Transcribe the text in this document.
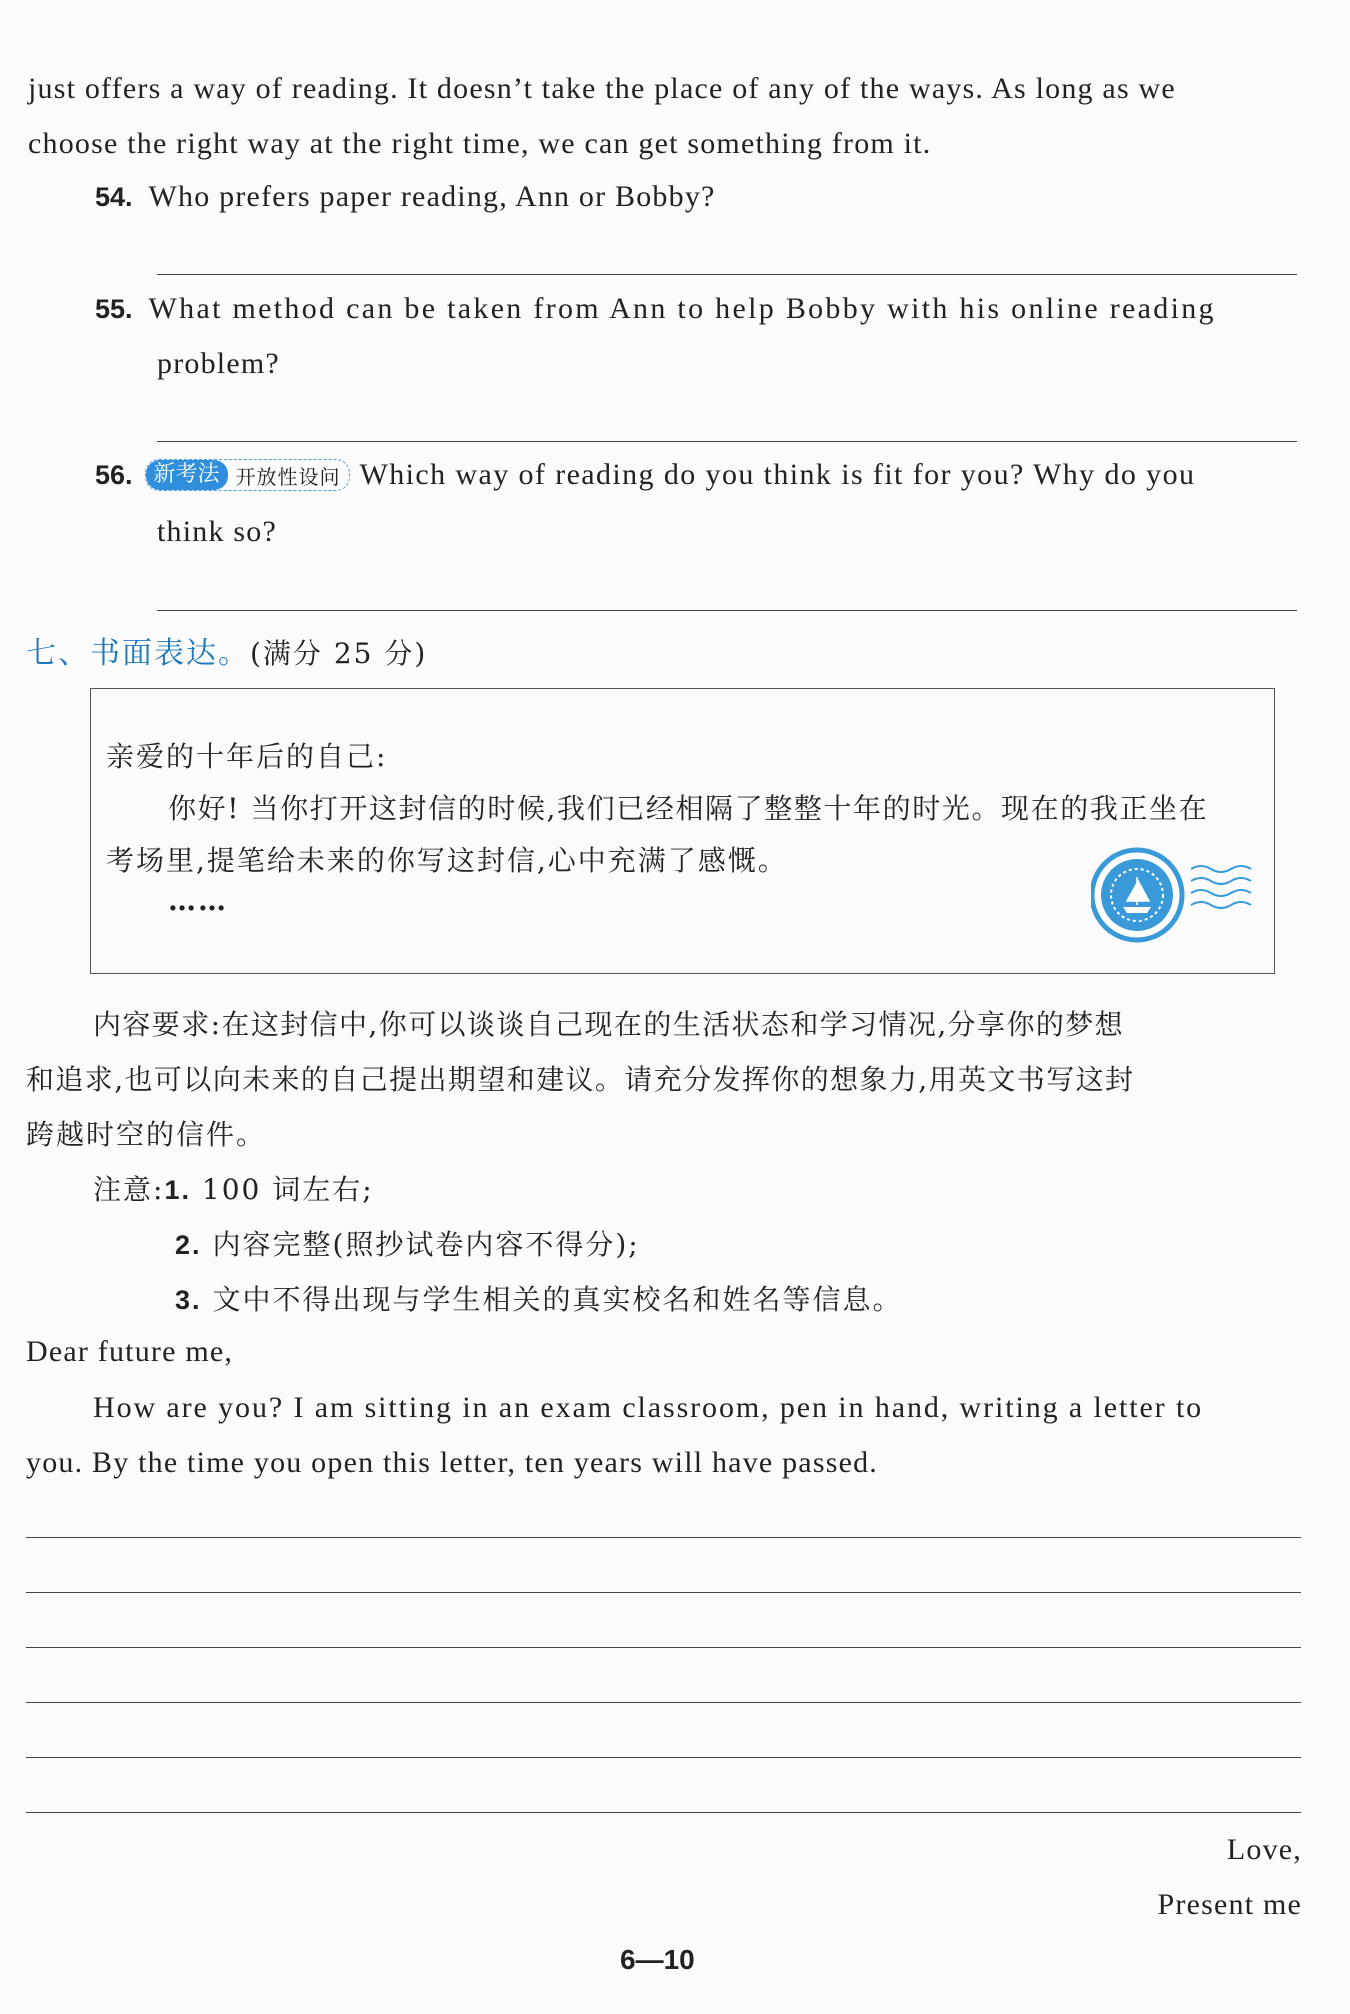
just offers a way of reading. It doesn’t take the place of any of the ways. As long as we
choose the right way at the right time, we can get something from it.
54. Who prefers paper reading, Ann or Bobby?
55. What method can be taken from Ann to help Bobby with his online reading
problem?
56. 新考法 开放性设问 Which way of reading do you think is fit for you? Why do you
think so?
七、书面表达。(满分 25 分)
亲爱的十年后的自己:
你好! 当你打开这封信的时候,我们已经相隔了整整十年的时光。现在的我正坐在
考场里,提笔给未来的你写这封信,心中充满了感慨。
……
内容要求:在这封信中,你可以谈谈自己现在的生活状态和学习情况,分享你的梦想
和追求,也可以向未来的自己提出期望和建议。请充分发挥你的想象力,用英文书写这封
跨越时空的信件。
注意:1. 100 词左右;
2. 内容完整(照抄试卷内容不得分);
3. 文中不得出现与学生相关的真实校名和姓名等信息。
Dear future me,
How are you? I am sitting in an exam classroom, pen in hand, writing a letter to
you. By the time you open this letter, ten years will have passed.
Love,
Present me
6—10
